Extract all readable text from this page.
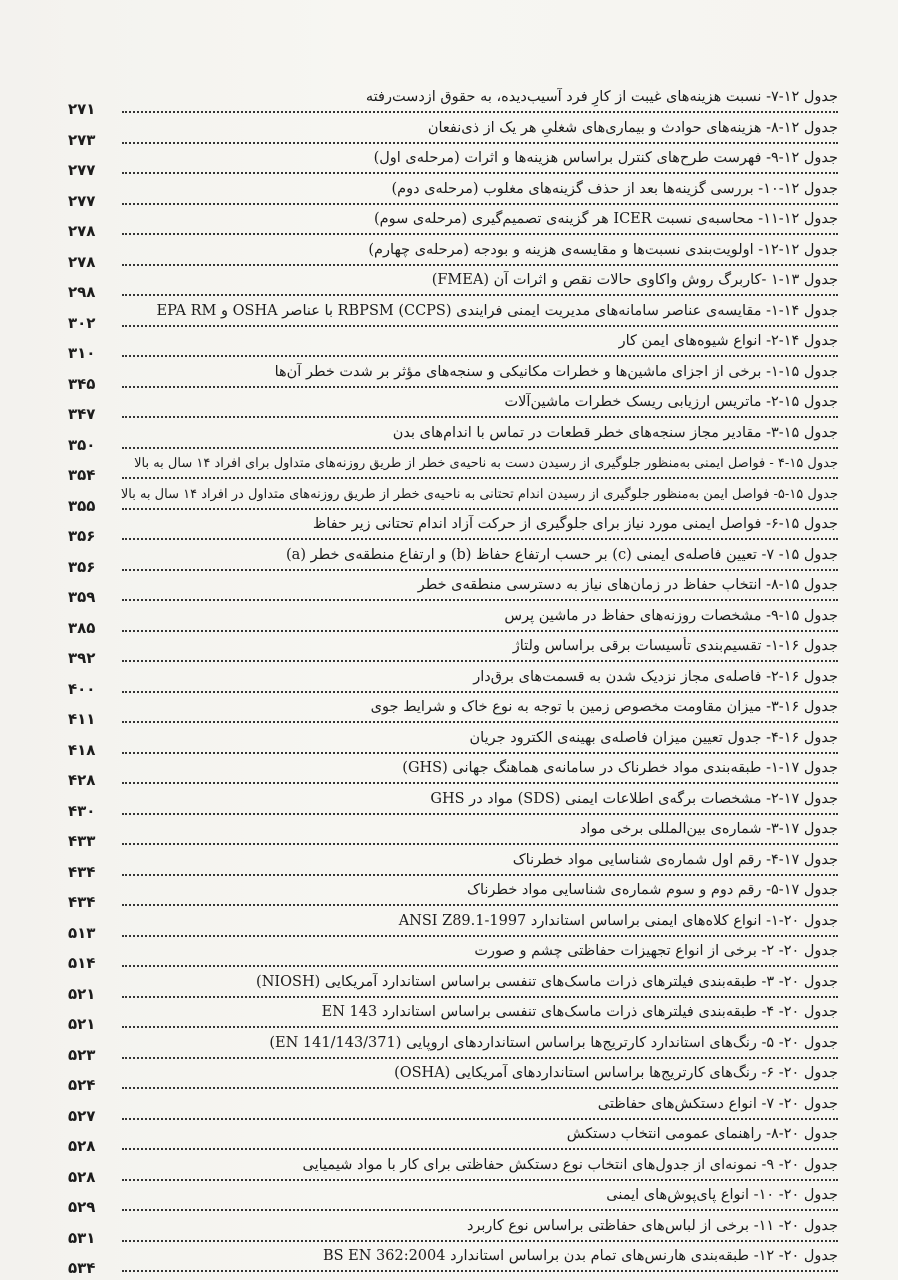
جدول ۱۲-۷- نسبت هزینه‌های غیبت از کارِ فرد آسیب‌دیده، به حقوق ازدست‌رفته
۲۷۱
جدول ۱۲-۸- هزینه‌های حوادث و بیماری‌های شغلیِ هر یک از ذی‌نفعان
۲۷۳
جدول ۱۲-۹- فهرست طرح‌های کنترل براساس هزینه‌ها و اثرات (مرحله‌ی اول)
۲۷۷
جدول ۱۲-۱۰- بررسی گزینه‌ها بعد از حذف گزینه‌های مغلوب (مرحله‌ی دوم)
۲۷۷
جدول ۱۲-۱۱- محاسبه‌ی نسبت ICER هر گزینه‌ی تصمیم‌گیری (مرحله‌ی سوم)
۲۷۸
جدول ۱۲-۱۲- اولویت‌بندی نسبت‌ها و مقایسه‌ی هزینه و بودجه (مرحله‌ی چهارم)
۲۷۸
جدول ۱۳-۱ -کاربرگ روش واکاوی حالات نقص و اثرات آن (FMEA)
۲۹۸
جدول ۱۴-۱- مقایسه‌ی عناصر سامانه‌های مدیریت ایمنی فرایندی RBPSM (CCPS) با عناصر OSHA و EPA RM
۳۰۲
جدول ۱۴-۲- انواع شیوه‌های ایمن کار
۳۱۰
جدول ۱۵-۱- برخی از اجزای ماشین‌ها و خطرات مکانیکی و سنجه‌های مؤثر بر شدت خطر آن‌ها
۳۴۵
جدول ۱۵-۲- ماتریس ارزیابی ریسک خطرات ماشین‌آلات
۳۴۷
جدول ۱۵-۳- مقادیر مجاز سنجه‌های خطر قطعات در تماس با اندام‌های بدن
۳۵۰
جدول ۱۵-۴ - فواصل ایمنی به‌منظور جلوگیری از رسیدن دست به ناحیه‌ی خطر از طریق روزنه‌های متداول برای افراد ۱۴ سال به بالا
۳۵۴
جدول ۱۵-۵- فواصل ایمن به‌منظور جلوگیری از رسیدن اندام تحتانی به ناحیه‌ی خطر از طریق روزنه‌های متداول در افراد ۱۴ سال به بالا
۳۵۵
جدول ۱۵-۶- فواصل ایمنی مورد نیاز برای جلوگیری از حرکت آزاد اندام تحتانی زیر حفاظ
۳۵۶
جدول ۱۵- ۷- تعیین فاصله‌ی ایمنی (c) بر حسب ارتفاع حفاظ (b) و ارتفاع منطقه‌ی خطر (a)
۳۵۶
جدول ۱۵-۸- انتخاب حفاظ در زمان‌های نیاز به دسترسی منطقه‌ی خطر
۳۵۹
جدول ۱۵-۹- مشخصات روزنه‌های حفاظ در ماشین پرس
۳۸۵
جدول ۱۶-۱- تقسیم‌بندی تأسیسات برقی براساس ولتاژ
۳۹۲
جدول ۱۶-۲- فاصله‌ی مجاز نزدیک شدن به قسمت‌های برق‌دار
۴۰۰
جدول ۱۶-۳- میزان مقاومت مخصوص زمین با توجه به نوع خاک و شرایط جوی
۴۱۱
جدول ۱۶-۴- جدول تعیین میزان فاصله‌ی بهینه‌ی الکترود جریان
۴۱۸
جدول ۱۷-۱- طبقه‌بندی مواد خطرناک در سامانه‌ی هماهنگ جهانی (GHS)
۴۲۸
جدول ۱۷-۲- مشخصات برگه‌ی اطلاعات ایمنی (SDS) مواد در GHS
۴۳۰
جدول ۱۷-۳- شماره‌ی بین‌المللی برخی مواد
۴۳۳
جدول ۱۷-۴- رقم اول شماره‌ی شناسایی مواد خطرناک
۴۳۴
جدول ۱۷-۵- رقم دوم و سوم شماره‌ی شناسایی مواد خطرناک
۴۳۴
جدول ۲۰-۱- انواع کلاه‌های ایمنی براساس استاندارد ANSI Z89.1-1997
۵۱۳
جدول ۲۰- ۲- برخی از انواع تجهیزات حفاظتی چشم و صورت
۵۱۴
جدول ۲۰- ۳- طبقه‌بندی فیلترهای ذرات ماسک‌های تنفسی براساس استاندارد آمریکایی (NIOSH)
۵۲۱
جدول ۲۰- ۴- طبقه‌بندی فیلترهای ذرات ماسک‌های تنفسی براساس استاندارد EN 143
۵۲۱
جدول ۲۰- ۵- رنگ‌های استاندارد کارتریج‌ها براساس استانداردهای اروپایی (EN 141/143/371)
۵۲۳
جدول ۲۰- ۶- رنگ‌های کارتریج‌ها براساس استانداردهای آمریکایی (OSHA)
۵۲۴
جدول ۲۰- ۷- انواع دستکش‌های حفاظتی
۵۲۷
جدول ۲۰-۸- راهنمای عمومی انتخاب دستکش
۵۲۸
جدول ۲۰- ۹- نمونه‌ای از جدول‌های انتخاب نوع دستکش حفاظتی برای کار با مواد شیمیایی
۵۲۸
جدول ۲۰- ۱۰- انواع پای‌پوش‌های ایمنی
۵۲۹
جدول ۲۰- ۱۱- برخی از لباس‌های حفاظتی براساس نوع کاربرد
۵۳۱
جدول ۲۰- ۱۲- طبقه‌بندی هارنس‌های تمام بدن براساس استاندارد BS EN 362:2004
۵۳۴
